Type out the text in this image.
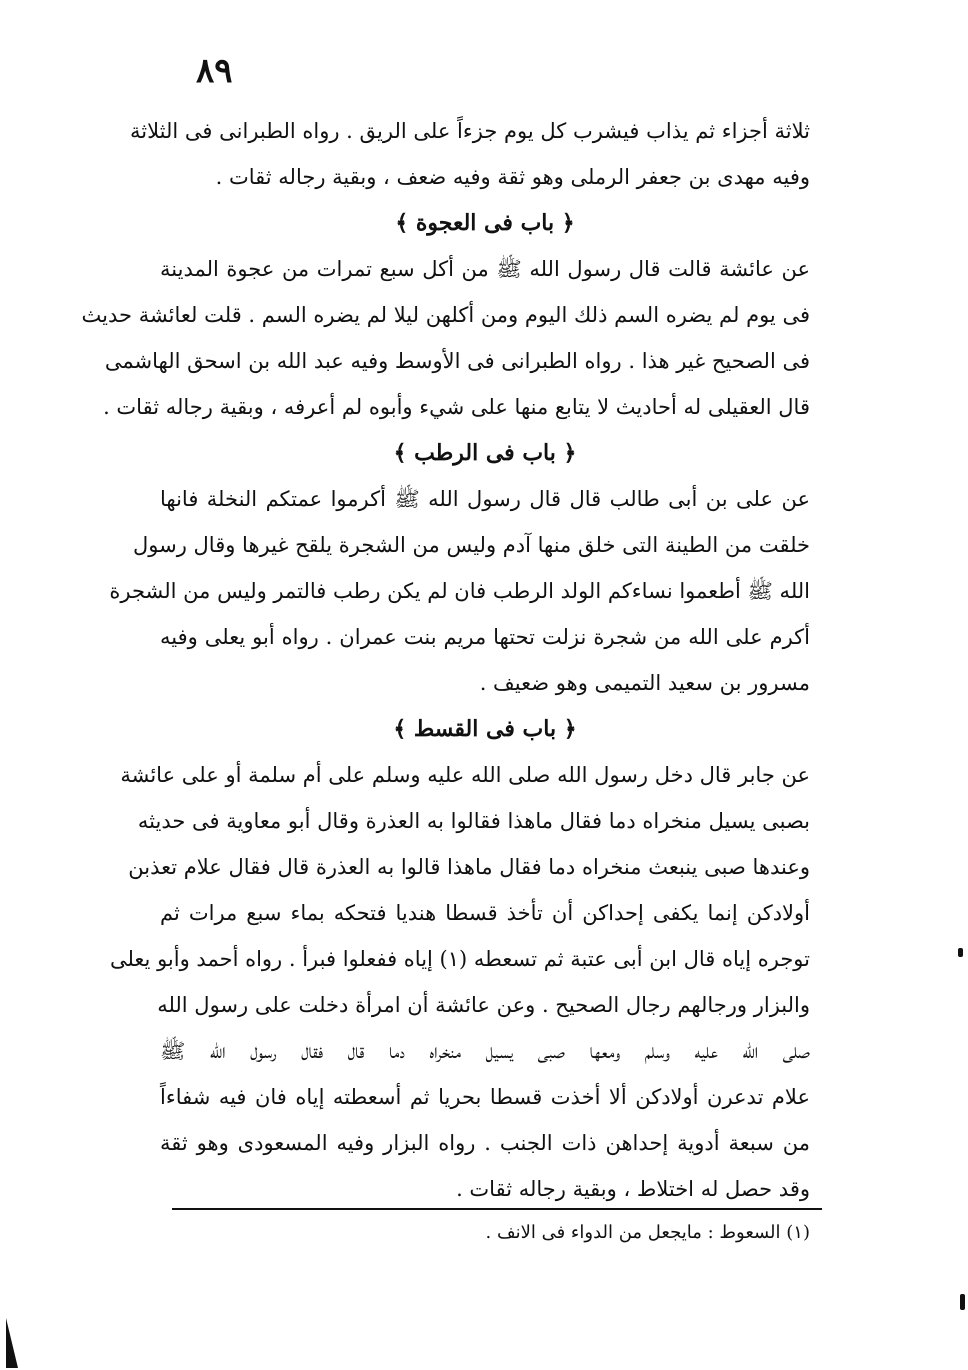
٨٩
ثلاثة أجزاء ثم يذاب فيشرب كل يوم جزءاً على الريق . رواه الطبرانى فى الثلاثة
وفيه مهدى بن جعفر الرملى وهو ثقة وفيه ضعف ، وبقية رجاله ثقات .
﴿ باب فى العجوة ﴾
عن عائشة قالت قال رسول الله ﷺ من أكل سبع تمرات من عجوة المدينة
فى يوم لم يضره السم ذلك اليوم ومن أكلهن ليلا لم يضره السم . قلت لعائشة حديث
فى الصحيح غير هذا . رواه الطبرانى فى الأوسط وفيه عبد الله بن اسحق الهاشمى
قال العقيلى له أحاديث لا يتابع منها على شيء وأبوه لم أعرفه ، وبقية رجاله ثقات .
﴿ باب فى الرطب ﴾
عن على بن أبى طالب قال قال رسول الله ﷺ أكرموا عمتكم النخلة فانها
خلقت من الطينة التى خلق منها آدم وليس من الشجرة يلقح غيرها وقال رسول
الله ﷺ أطعموا نساءكم الولد الرطب فان لم يكن رطب فالتمر وليس من الشجرة
أكرم على الله من شجرة نزلت تحتها مريم بنت عمران . رواه أبو يعلى وفيه
مسرور بن سعيد التميمى وهو ضعيف .
﴿ باب فى القسط ﴾
عن جابر قال دخل رسول الله صلى الله عليه وسلم على أم سلمة أو على عائشة
بصبى يسيل منخراه دما فقال ماهذا فقالوا به العذرة وقال أبو معاوية فى حديثه
وعندها صبى ينبعث منخراه دما فقال ماهذا قالوا به العذرة قال فقال علام تعذبن
أولادكن إنما يكفى إحداكن أن تأخذ قسطا هنديا فتحكه بماء سبع مرات ثم
توجره إياه قال ابن أبى عتبة ثم تسعطه (١) إياه ففعلوا فبرأ . رواه أحمد وأبو يعلى
والبزار ورجالهم رجال الصحيح . وعن عائشة أن امرأة دخلت على رسول الله
صلى الله عليه وسلم ومعها صبى يسيل منخراه دما قال فقال رسول الله ﷺ
علام تدعرن أولادكن ألا أخذت قسطا بحريا ثم أسعطته إياه فان فيه شفاءاً
من سبعة أدوية إحداهن ذات الجنب . رواه البزار وفيه المسعودى وهو ثقة
وقد حصل له اختلاط ، وبقية رجاله ثقات .
(١) السعوط : مايجعل من الدواء فى الانف .
